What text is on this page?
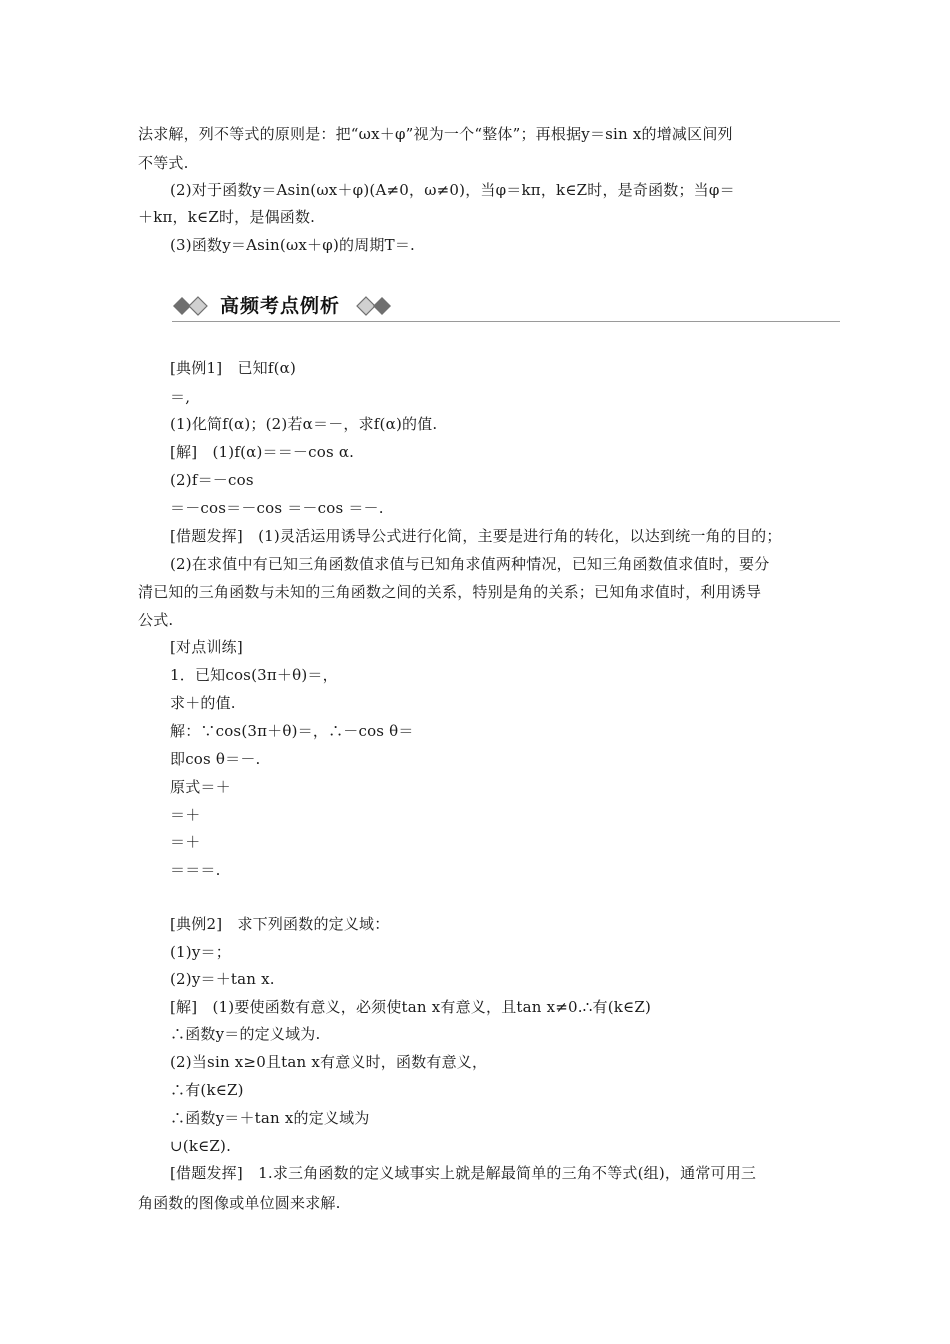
法求解，列不等式的原则是：把“ωx＋φ”视为一个“整体”；再根据y＝sin x的增减区间列
不等式.
(2)对于函数y＝Asin(ωx＋φ)(A≠0，ω≠0)，当φ＝kπ，k∈Z时，是奇函数；当φ＝
＋kπ，k∈Z时，是偶函数.
(3)函数y＝Asin(ωx＋φ)的周期T＝.
高频考点例析
[典例1]　已知f(α)
＝,
(1)化简f(α)；(2)若α＝－，求f(α)的值.
[解]　(1)f(α)＝＝－cos α.
(2)f＝－cos
＝－cos＝－cos ＝－cos ＝－.
[借题发挥]　(1)灵活运用诱导公式进行化简，主要是进行角的转化，以达到统一角的目的；
(2)在求值中有已知三角函数值求值与已知角求值两种情况，已知三角函数值求值时，要分
清已知的三角函数与未知的三角函数之间的关系，特别是角的关系；已知角求值时，利用诱导
公式.
[对点训练]
1．已知cos(3π＋θ)＝，
求＋的值.
解：∵cos(3π＋θ)＝，∴－cos θ＝
即cos θ＝－.
原式＝＋
＝＋
＝＋
＝＝＝.
[典例2]　求下列函数的定义域：
(1)y＝；
(2)y＝＋tan x.
[解]　(1)要使函数有意义，必须使tan x有意义，且tan x≠0.∴有(k∈Z)
∴函数y＝的定义域为.
(2)当sin x≥0且tan x有意义时，函数有意义，
∴有(k∈Z)
∴函数y＝＋tan x的定义域为
∪(k∈Z).
[借题发挥]　1.求三角函数的定义域事实上就是解最简单的三角不等式(组)，通常可用三
角函数的图像或单位圆来求解.
